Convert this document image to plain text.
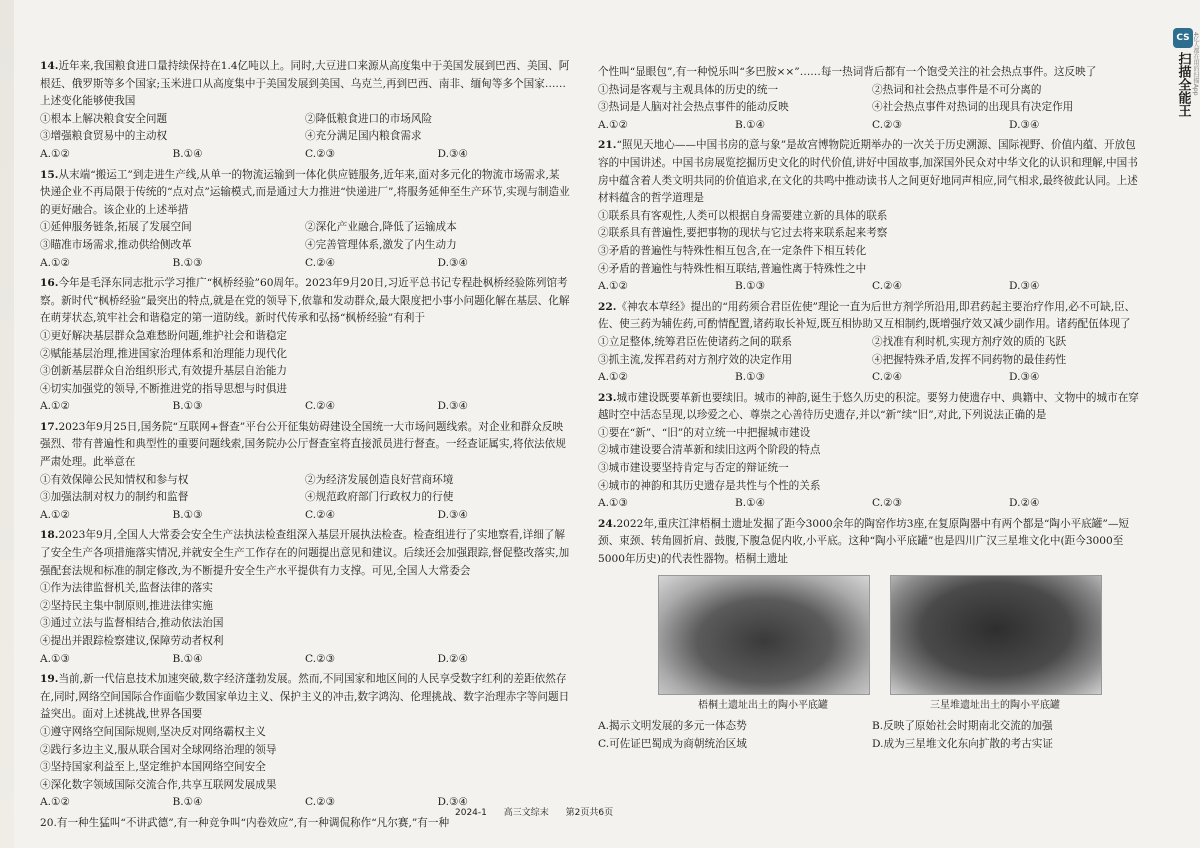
14.近年来,我国粮食进口量持续保持在1.4亿吨以上。同时,大豆进口来源从高度集中于美国发展到巴西、美国、阿根廷、俄罗斯等多个国家;玉米进口从高度集中于美国发展到美国、乌克兰,再到巴西、南非、缅甸等多个国家……上述变化能够使我国

①根本上解决粮食安全问题	②降低粮食进口的市场风险
③增强粮食贸易中的主动权	④充分满足国内粮食需求
A.①②	B.①④	C.②③	D.③④

15.从末端“搬运工”到走进生产线,从单一的物流运输到一体化供应链服务,近年来,面对多元化的物流市场需求,某快递企业不再局限于传统的“点对点”运输模式,而是通过大力推进“快递进厂”,将服务延伸至生产环节,实现与制造业的更好融合。该企业的上述举措

①延伸服务链条,拓展了发展空间	②深化产业融合,降低了运输成本
③瞄准市场需求,推动供给侧改革	④完善管理体系,激发了内生动力
A.①②	B.①③	C.②④	D.③④

16.今年是毛泽东同志批示学习推广“枫桥经验”60周年。2023年9月20日,习近平总书记专程赴枫桥经验陈列馆考察。新时代“枫桥经验”最突出的特点,就是在党的领导下,依靠和发动群众,最大限度把小事小问题化解在基层、化解在萌芽状态,筑牢社会和谐稳定的第一道防线。新时代传承和弘扬“枫桥经验”有利于

①更好解决基层群众急难愁盼问题,维护社会和谐稳定
②赋能基层治理,推进国家治理体系和治理能力现代化
③创新基层群众自治组织形式,有效提升基层自治能力
④切实加强党的领导,不断推进党的指导思想与时俱进
A.①②	B.①③	C.②④	D.③④

17.2023年9月25日,国务院“互联网+督查”平台公开征集妨碍建设全国统一大市场问题线索。对企业和群众反映强烈、带有普遍性和典型性的重要问题线索,国务院办公厅督查室将直接派员进行督查。一经查证属实,将依法依规严肃处理。此举意在

①有效保障公民知情权和参与权	②为经济发展创造良好营商环境
③加强法制对权力的制约和监督	④规范政府部门行政权力的行使
A.①②	B.①③	C.②④	D.③④

18.2023年9月,全国人大常委会安全生产法执法检查组深入基层开展执法检查。检查组进行了实地察看,详细了解了安全生产各项措施落实情况,并就安全生产工作存在的问题提出意见和建议。后续还会加强跟踪,督促整改落实,加强配套法规和标准的制定修改,为不断提升安全生产水平提供有力支撑。可见,全国人大常委会

①作为法律监督机关,监督法律的落实
②坚持民主集中制原则,推进法律实施
③通过立法与监督相结合,推动依法治国
④提出并跟踪检察建议,保障劳动者权利
A.①③	B.①④	C.②③	D.②④

19.当前,新一代信息技术加速突破,数字经济蓬勃发展。然而,不同国家和地区间的人民享受数字红利的差距依然存在,同时,网络空间国际合作面临少数国家单边主义、保护主义的冲击,数字鸿沟、伦理挑战、数字治理赤字等问题日益突出。面对上述挑战,世界各国要

①遵守网络空间国际规则,坚决反对网络霸权主义
②践行多边主义,服从联合国对全球网络治理的领导
③坚持国家利益至上,坚定维护本国网络空间安全
④深化数字领域国际交流合作,共享互联网发展成果
A.①②	B.①④	C.②③	D.③④

20.有一种生猛叫“不讲武德”,有一种竞争叫“内卷效应”,有一种调侃称作“凡尔赛,”有一种

个性叫“显眼包”,有一种悦乐叫“多巴胺××”……每一热词背后都有一个饱受关注的社会热点事件。这反映了

①热词是客观与主观具体的历史的统一	②热词和社会热点事件是不可分离的
③热词是人脑对社会热点事件的能动反映	④社会热点事件对热词的出现具有决定作用
A.①②	B.①④	C.②③	D.③④

21.“照见天地心——中国书房的意与象”是故宫博物院近期举办的一次关于历史溯源、国际视野、价值内蕴、开放包容的中国讲述。中国书房展览挖掘历史文化的时代价值,讲好中国故事,加深国外民众对中华文化的认识和理解,中国书房中蕴含着人类文明共同的价值追求,在文化的共鸣中推动读书人之间更好地同声相应,同气相求,最终彼此认同。上述材料蕴含的哲学道理是

①联系具有客观性,人类可以根据自身需要建立新的具体的联系
②联系具有普遍性,要把事物的现状与它过去将来联系起来考察
③矛盾的普遍性与特殊性相互包含,在一定条件下相互转化
④矛盾的普遍性与特殊性相互联结,普遍性离于特殊性之中
A.①②	B.①③	C.②④	D.③④

22.《神农本草经》提出的“用药须合君臣佐使”理论一直为后世方剂学所沿用,即君药起主要治疗作用,必不可缺,臣、佐、使三药为辅佐药,可酌情配置,诸药取长补短,既互相协助又互相制约,既增强疗效又减少副作用。诸药配伍体现了

①立足整体,统筹君臣佐使诸药之间的联系	②找准有利时机,实现方剂疗效的质的飞跃
③抓主流,发挥君药对方剂疗效的决定作用	④把握特殊矛盾,发挥不同药物的最佳药性
A.①②	B.①③	C.②④	D.③④

23.城市建设既要革新也要续旧。城市的神韵,诞生于悠久历史的积淀。要努力使遗存中、典籍中、文物中的城市在穿越时空中活态呈现,以珍爱之心、尊崇之心善待历史遗存,并以“新”续“旧”,对此,下列说法正确的是

①要在“新”、“旧”的对立统一中把握城市建设
②城市建设要合清革新和续旧这两个阶段的特点
③城市建设要坚持肯定与否定的辩证统一
④城市的神韵和其历史遗存是共性与个性的关系
A.①③	B.①④	C.②③	D.②④

24.2022年,重庆江津梧桐土遗址发掘了距今3000余年的陶窑作坊3座,在复原陶器中有两个都是“陶小平底罐”—短颈、束颈、转角圆折肩、鼓腹,下腹急促内收,小平底。这种“陶小平底罐”也是四川广汉三星堆文化中(距今3000至5000年历史)的代表性器物。梧桐土遗址

梧桐土遗址出土的陶小平底罐	三星堆遗址出土的陶小平底罐
A.揭示文明发展的多元一体态势	B.反映了原始社会时期南北交流的加强
C.可佐证巴蜀成为商朝统治区域	D.成为三星堆文化东向扩散的考古实证
2024-1 高三文综末 第2页共6页
CS
扫描全能王 4亿人都在用的扫描App
